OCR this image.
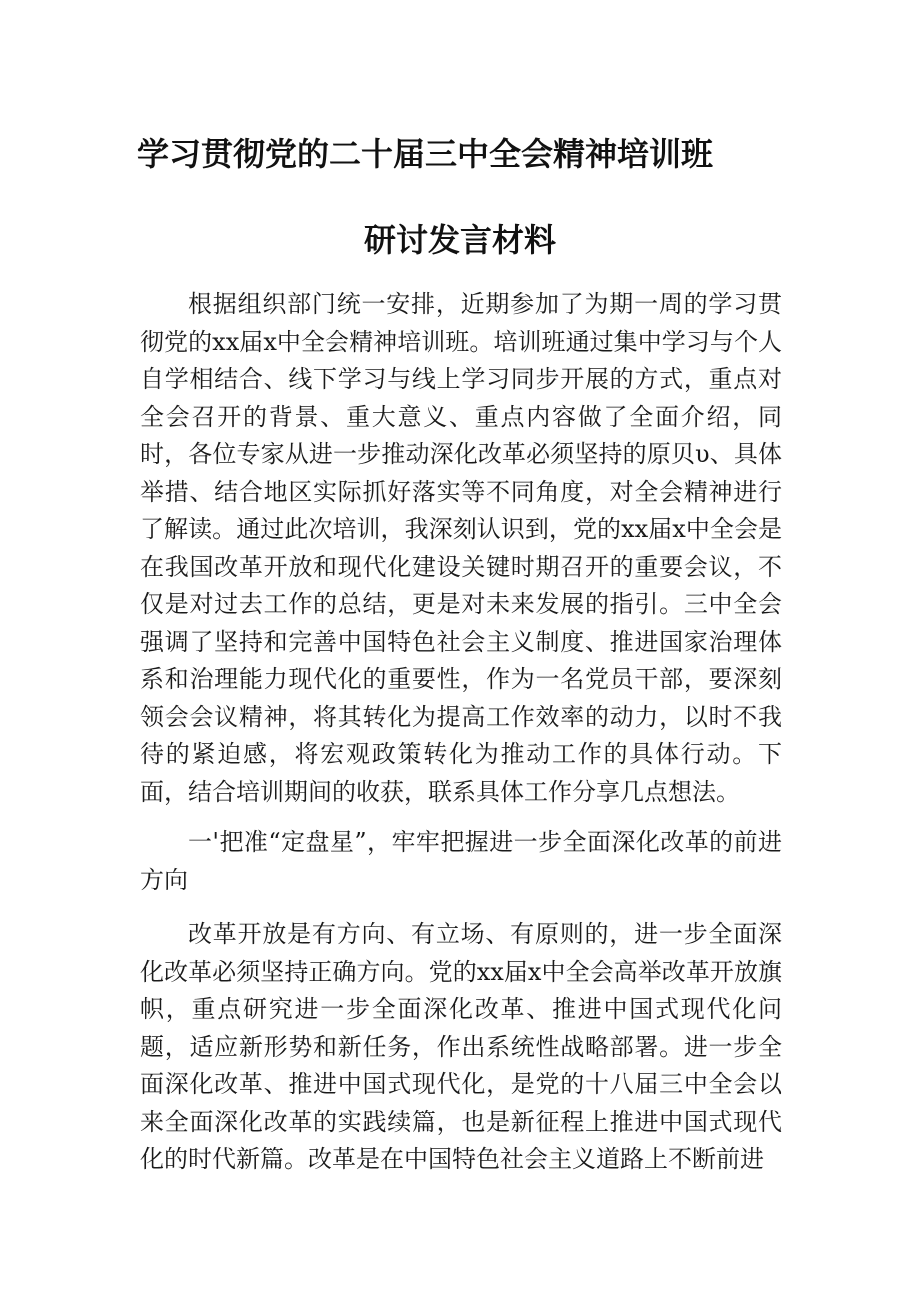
学习贯彻党的二十届三中全会精神培训班
研讨发言材料

根据组织部门统一安排，近期参加了为期一周的学习贯彻党的xx届x中全会精神培训班。培训班通过集中学习与个人自学相结合、线下学习与线上学习同步开展的方式，重点对全会召开的背景、重大意义、重点内容做了全面介绍，同时，各位专家从进一步推动深化改革必须坚持的原贝υ、具体举措、结合地区实际抓好落实等不同角度，对全会精神进行了解读。通过此次培训，我深刻认识到，党的xx届x中全会是在我国改革开放和现代化建设关键时期召开的重要会议，不仅是对过去工作的总结，更是对未来发展的指引。三中全会强调了坚持和完善中国特色社会主义制度、推进国家治理体系和治理能力现代化的重要性，作为一名党员干部，要深刻领会会议精神，将其转化为提高工作效率的动力，以时不我待的紧迫感，将宏观政策转化为推动工作的具体行动。下面，结合培训期间的收获，联系具体工作分享几点想法。

一'把准“定盘星”，牢牢把握进一步全面深化改革的前进方向

改革开放是有方向、有立场、有原则的，进一步全面深化改革必须坚持正确方向。党的xx届x中全会高举改革开放旗帜，重点研究进一步全面深化改革、推进中国式现代化问题，适应新形势和新任务，作出系统性战略部署。进一步全面深化改革、推进中国式现代化，是党的十八届三中全会以来全面深化改革的实践续篇，也是新征程上推进中国式现代化的时代新篇。改革是在中国特色社会主义道路上不断前进
